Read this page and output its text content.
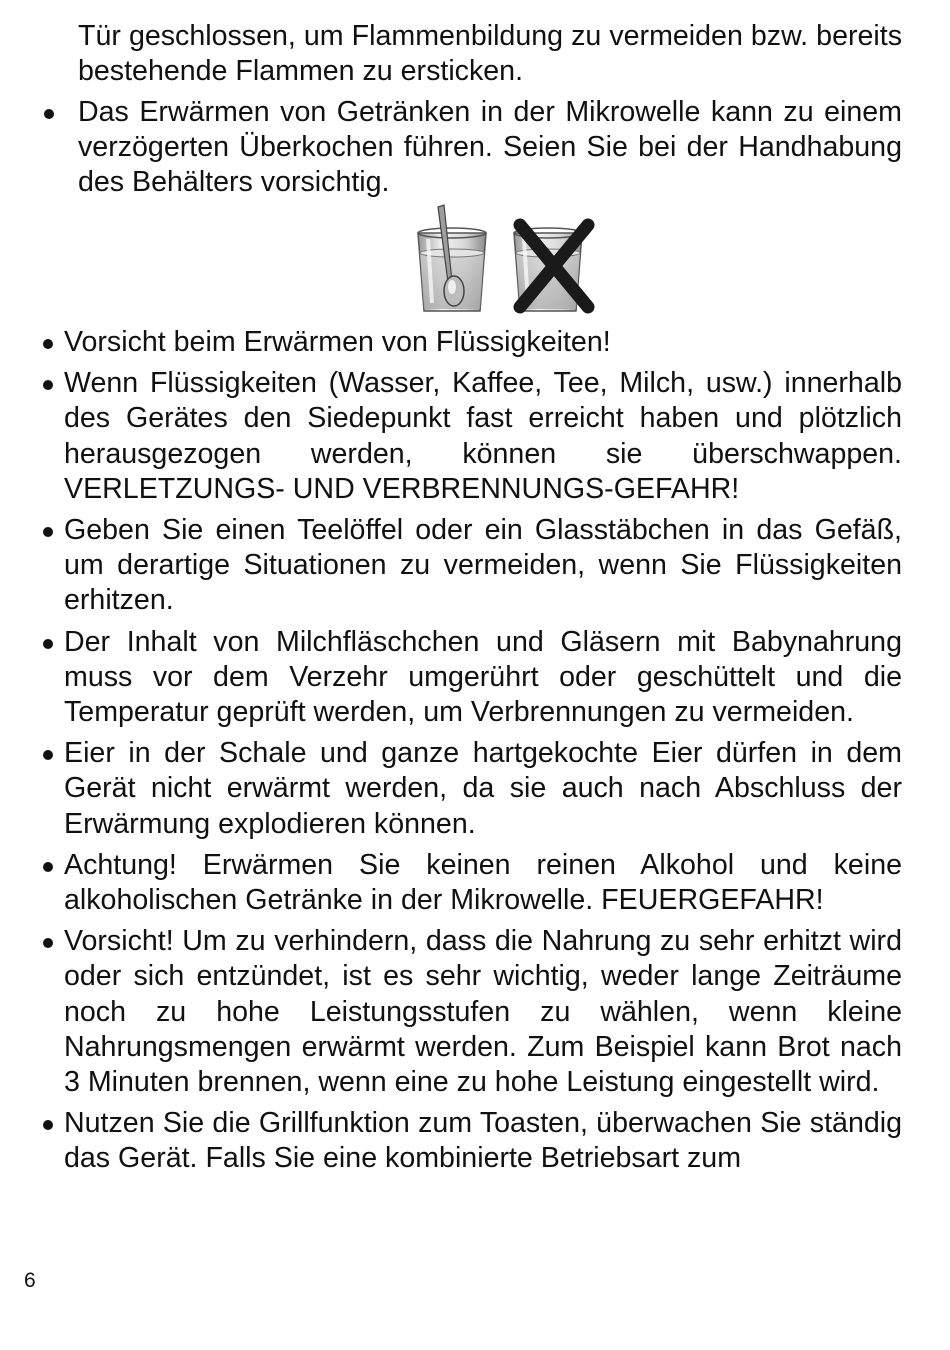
Tür geschlossen, um Flammenbildung zu vermeiden bzw. bereits bestehende Flammen zu ersticken.

Das Erwärmen von Getränken in der Mikrowelle kann zu einem verzögerten Überkochen führen. Seien Sie bei der Handhabung des Behälters vorsichtig.

Vorsicht beim Erwärmen von Flüssigkeiten!

Wenn Flüssigkeiten (Wasser, Kaffee, Tee, Milch, usw.) innerhalb des Gerätes den Siedepunkt fast erreicht haben und plötzlich herausgezogen werden, können sie überschwappen. VERLETZUNGS- UND VERBRENNUNGS-GEFAHR!

Geben Sie einen Teelöffel oder ein Glasstäbchen in das Gefäß, um derartige Situationen zu vermeiden, wenn Sie Flüssigkeiten erhitzen.

Der Inhalt von Milchfläschchen und Gläsern mit Babynahrung muss vor dem Verzehr umgerührt oder geschüttelt und die Temperatur geprüft werden, um Verbrennungen zu vermeiden.

Eier in der Schale und ganze hartgekochte Eier dürfen in dem Gerät nicht erwärmt werden, da sie auch nach Abschluss der Erwärmung explodieren können.

Achtung! Erwärmen Sie keinen reinen Alkohol und keine alkoholischen Getränke in der Mikrowelle. FEUERGEFAHR!

Vorsicht! Um zu verhindern, dass die Nahrung zu sehr erhitzt wird oder sich entzündet, ist es sehr wichtig, weder lange Zeiträume noch zu hohe Leistungsstufen zu wählen, wenn kleine Nahrungsmengen erwärmt werden. Zum Beispiel kann Brot nach 3 Minuten brennen, wenn eine zu hohe Leistung eingestellt wird.

Nutzen Sie die Grillfunktion zum Toasten, überwachen Sie ständig das Gerät. Falls Sie eine kombinierte Betriebsart zum

6
